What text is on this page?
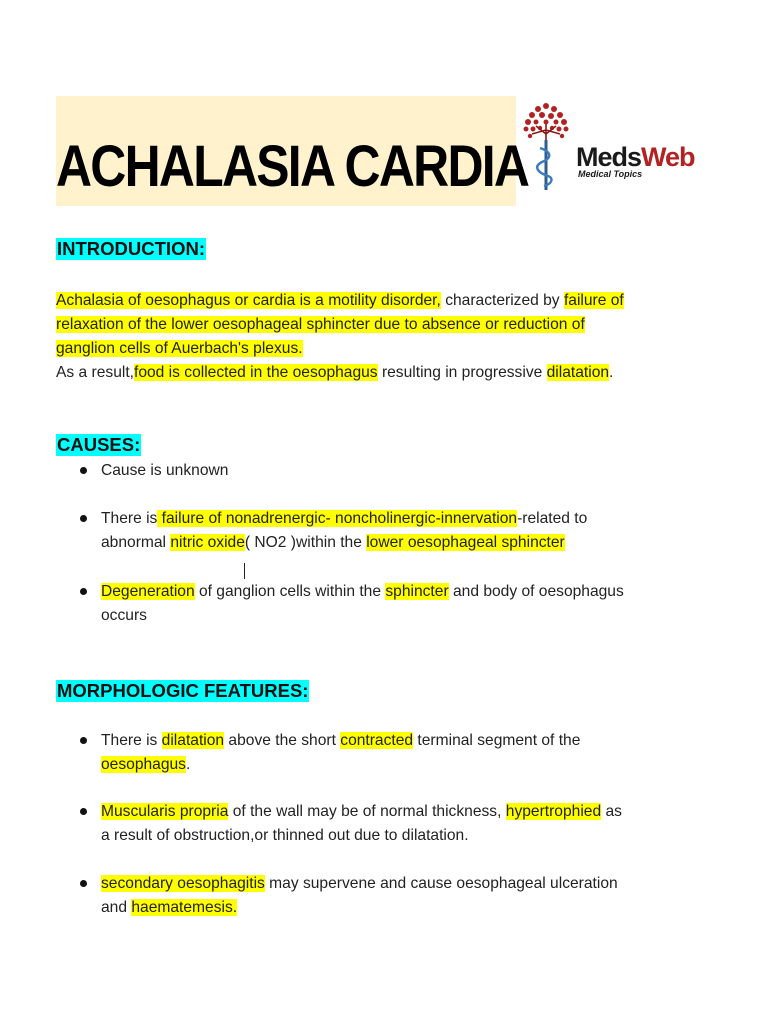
ACHALASIA CARDIA MedsWeb
Medical Topics
INTRODUCTION:
Achalasia of oesophagus or cardia is a motility disorder, characterized by failure of
relaxation of the lower oesophageal sphincter due to absence or reduction of
ganglion cells of Auerbach's plexus.
As a result,food is collected in the oesophagus resulting in progressive dilatation.
CAUSES:
Cause is unknown
There is failure of nonadrenergic- noncholinergic-innervation-related to
abnormal nitric oxide( NO2 )within the lower oesophageal sphincter
Degeneration of ganglion cells within the sphincter and body of oesophagus
occurs
MORPHOLOGIC FEATURES:
There is dilatation above the short contracted terminal segment of the
oesophagus.
Muscularis propria of the wall may be of normal thickness, hypertrophied as
a result of obstruction,or thinned out due to dilatation.
secondary oesophagitis may supervene and cause oesophageal ulceration
and haematemesis.
